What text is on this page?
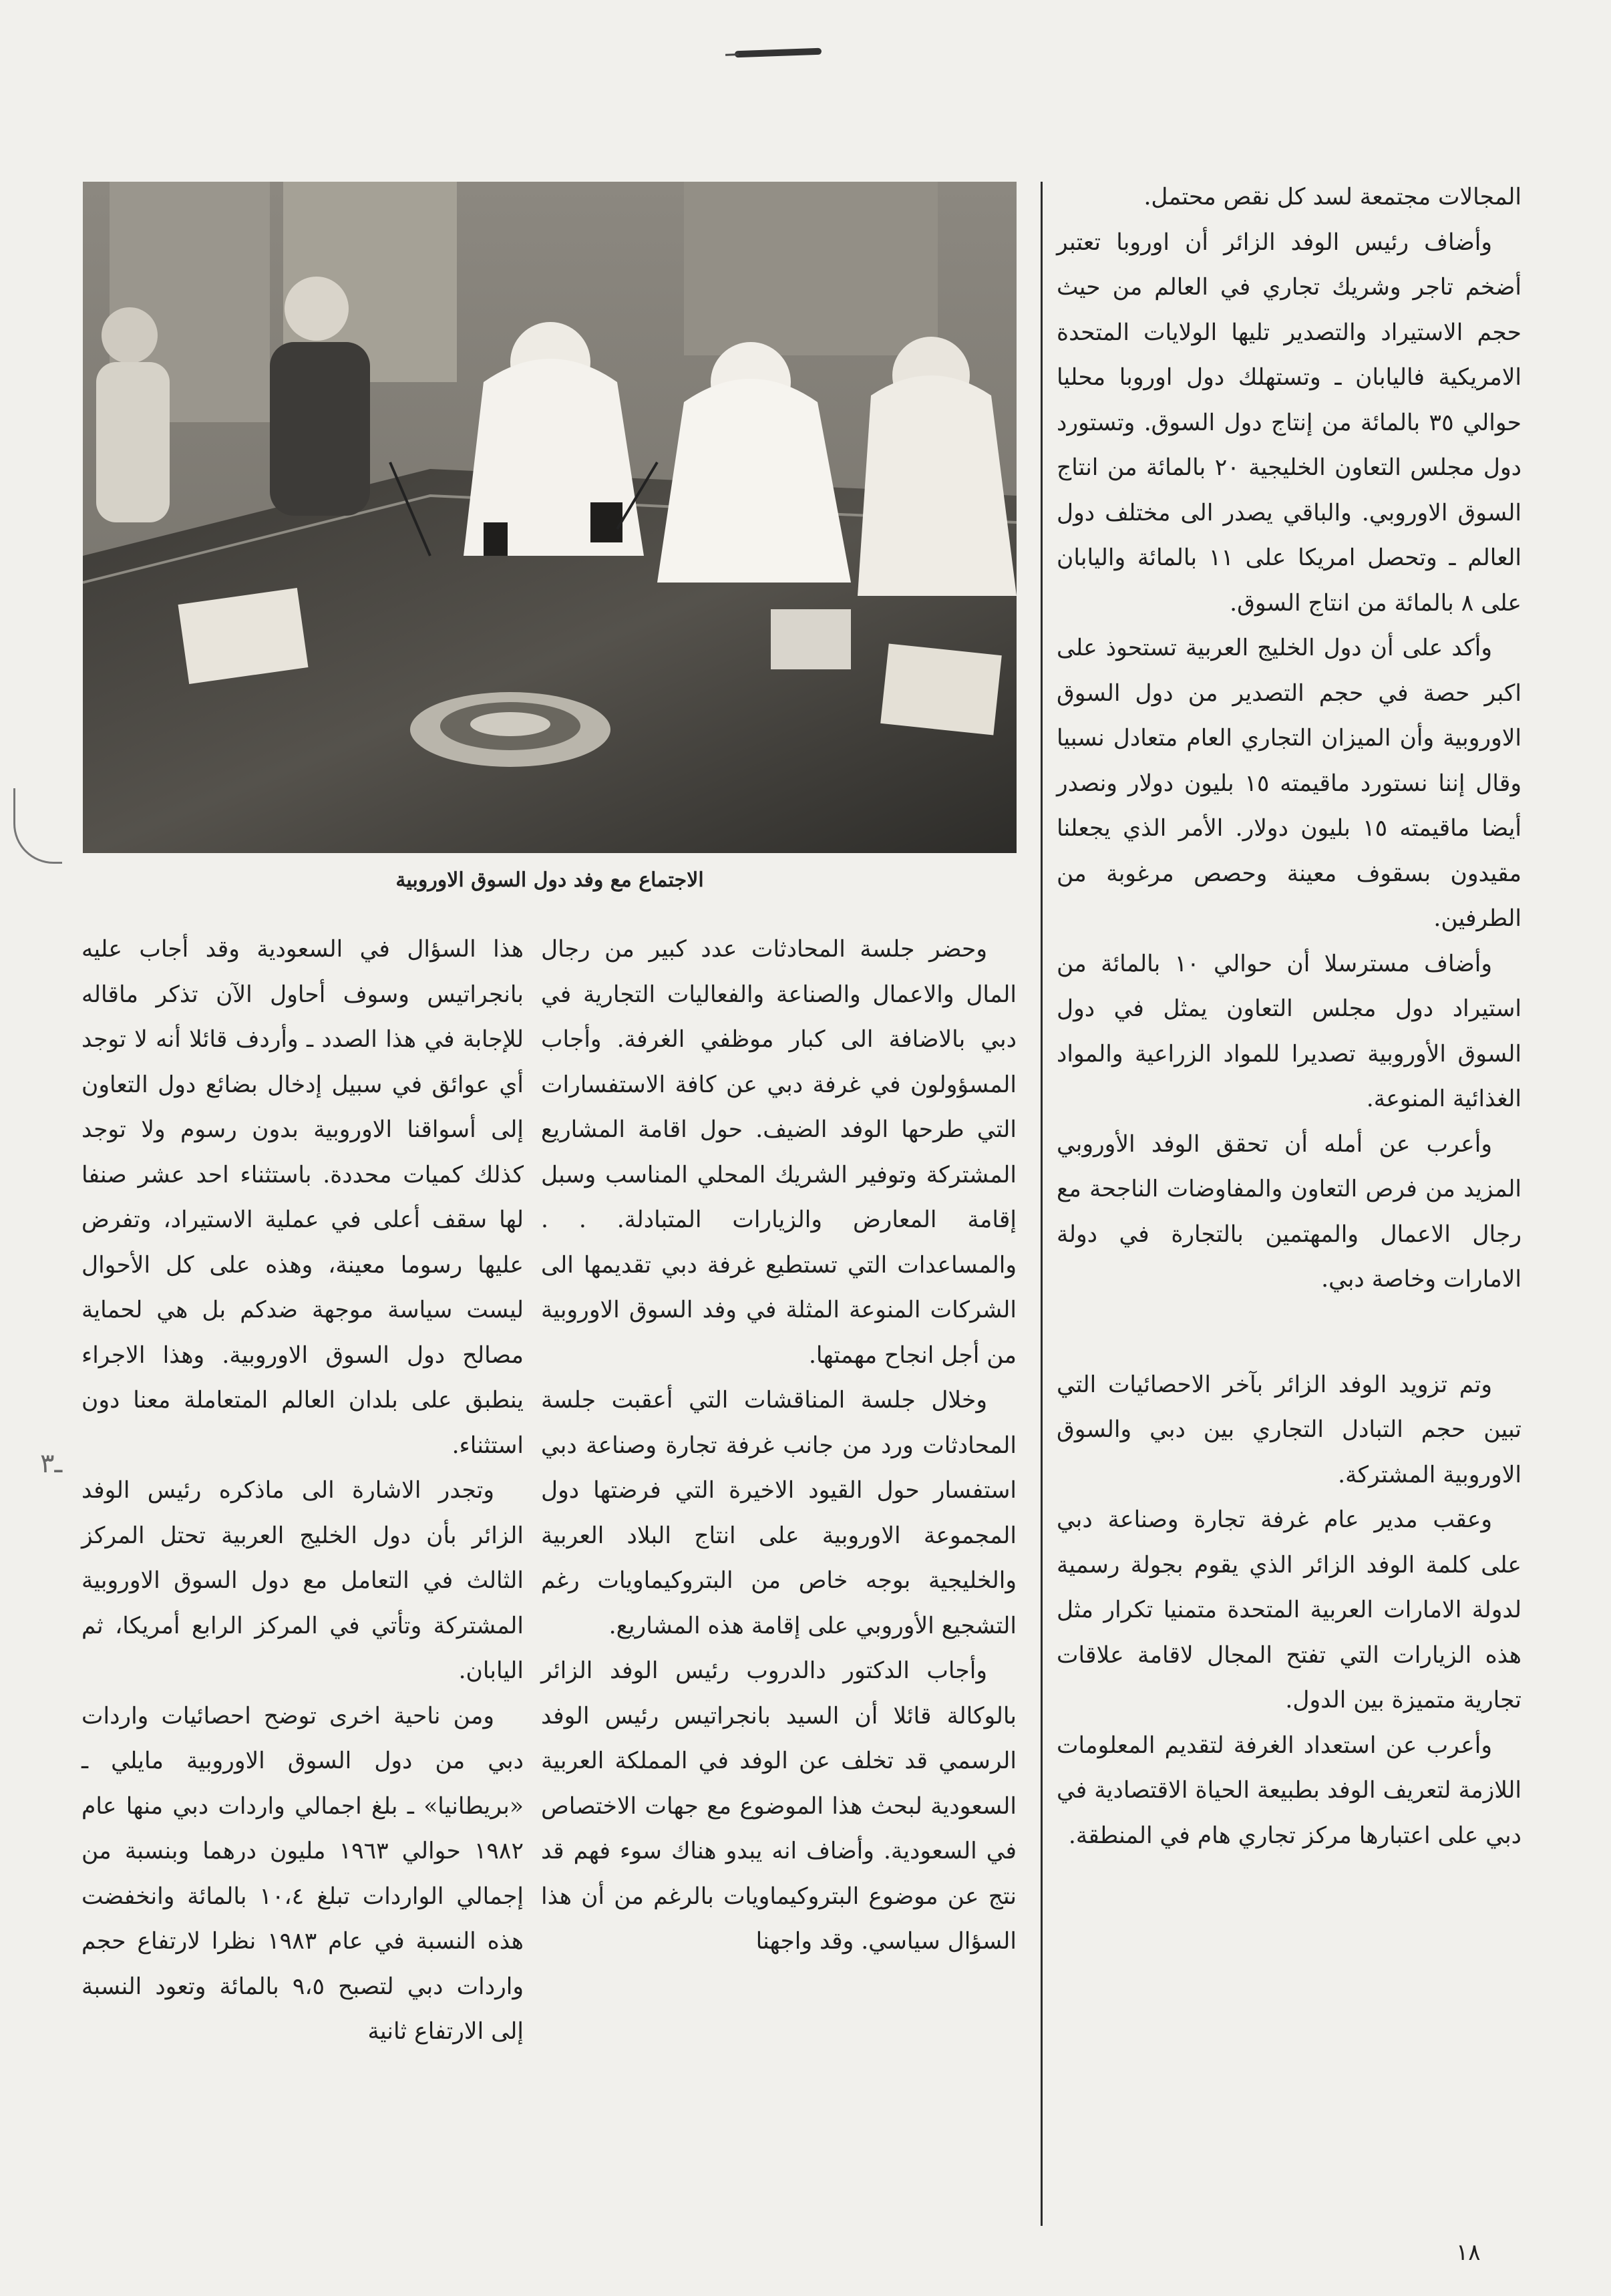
المجالات مجتمعة لسد كل نقص محتمل.

وأضاف رئيس الوفد الزائر أن اوروبا تعتبر أضخم تاجر وشريك تجاري في العالم من حيث حجم الاستيراد والتصدير تليها الولايات المتحدة الامريكية فاليابان ـ وتستهلك دول اوروبا محليا حوالي ٣٥ بالمائة من إنتاج دول السوق. وتستورد دول مجلس التعاون الخليجية ٢٠ بالمائة من انتاج السوق الاوروبي. والباقي يصدر الى مختلف دول العالم ـ وتحصل امريكا على ١١ بالمائة واليابان على ٨ بالمائة من انتاج السوق.

وأكد على أن دول الخليج العربية تستحوذ على اكبر حصة في حجم التصدير من دول السوق الاوروبية وأن الميزان التجاري العام متعادل نسبيا وقال إننا نستورد ماقيمته ١٥ بليون دولار ونصدر أيضا ماقيمته ١٥ بليون دولار. الأمر الذي يجعلنا مقيدون بسقوف معينة وحصص مرغوبة من الطرفين.

وأضاف مسترسلا أن حوالي ١٠ بالمائة من استيراد دول مجلس التعاون يمثل في دول السوق الأوروبية تصديرا للمواد الزراعية والمواد الغذائية المنوعة.

وأعرب عن أمله أن تحقق الوفد الأوروبي المزيد من فرص التعاون والمفاوضات الناجحة مع رجال الاعمال والمهتمين بالتجارة في دولة الامارات وخاصة دبي.

وتم تزويد الوفد الزائر بآخر الاحصائيات التي تبين حجم التبادل التجاري بين دبي والسوق الاوروبية المشتركة.

وعقب مدير عام غرفة تجارة وصناعة دبي على كلمة الوفد الزائر الذي يقوم بجولة رسمية لدولة الامارات العربية المتحدة متمنيا تكرار مثل هذه الزيارات التي تفتح المجال لاقامة علاقات تجارية متميزة بين الدول.

وأعرب عن استعداد الغرفة لتقديم المعلومات اللازمة لتعريف الوفد بطبيعة الحياة الاقتصادية في دبي على اعتبارها مركز تجاري هام في المنطقة.

الاجتماع مع وفد دول السوق الاوروبية

وحضر جلسة المحادثات عدد كبير من رجال المال والاعمال والصناعة والفعاليات التجارية في دبي بالاضافة الى كبار موظفي الغرفة. وأجاب المسؤولون في غرفة دبي عن كافة الاستفسارات التي طرحها الوفد الضيف. حول اقامة المشاريع المشتركة وتوفير الشريك المحلي المناسب وسبل إقامة المعارض والزيارات المتبادلة. . . والمساعدات التي تستطيع غرفة دبي تقديمها الى الشركات المنوعة المثلة في وفد السوق الاوروبية من أجل انجاح مهمتها.

وخلال جلسة المناقشات التي أعقبت جلسة المحادثات ورد من جانب غرفة تجارة وصناعة دبي استفسار حول القيود الاخيرة التي فرضتها دول المجموعة الاوروبية على انتاج البلاد العربية والخليجية بوجه خاص من البتروكيماويات رغم التشجيع الأوروبي على إقامة هذه المشاريع.

وأجاب الدكتور دالدروب رئيس الوفد الزائر بالوكالة قائلا أن السيد بانجراتيس رئيس الوفد الرسمي قد تخلف عن الوفد في المملكة العربية السعودية لبحث هذا الموضوع مع جهات الاختصاص في السعودية. وأضاف انه يبدو هناك سوء فهم قد نتج عن موضوع البتروكيماويات بالرغم من أن هذا السؤال سياسي. وقد واجهنا

هذا السؤال في السعودية وقد أجاب عليه بانجراتيس وسوف أحاول الآن تذكر ماقاله للإجابة في هذا الصدد ـ وأردف قائلا أنه لا توجد أي عوائق في سبيل إدخال بضائع دول التعاون إلى أسواقنا الاوروبية بدون رسوم ولا توجد كذلك كميات محددة. باستثناء احد عشر صنفا لها سقف أعلى في عملية الاستيراد، وتفرض عليها رسوما معينة، وهذه على كل الأحوال ليست سياسة موجهة ضدكم بل هي لحماية مصالح دول السوق الاوروبية. وهذا الاجراء ينطبق على بلدان العالم المتعاملة معنا دون استثناء.

وتجدر الاشارة الى ماذكره رئيس الوفد الزائر بأن دول الخليج العربية تحتل المركز الثالث في التعامل مع دول السوق الاوروبية المشتركة وتأتي في المركز الرابع أمريكا، ثم اليابان.

ومن ناحية اخرى توضح احصائيات واردات دبي من دول السوق الاوروبية مايلي ـ «بريطانيا» ـ بلغ اجمالي واردات دبي منها عام ١٩٨٢ حوالي ١٩٦٣ مليون درهما وبنسبة من إجمالي الواردات تبلغ ١٠،٤ بالمائة وانخفضت هذه النسبة في عام ١٩٨٣ نظرا لارتفاع حجم واردات دبي لتصبح ٩،٥ بالمائة وتعود النسبة إلى الارتفاع ثانية

ـ٣
١٨
